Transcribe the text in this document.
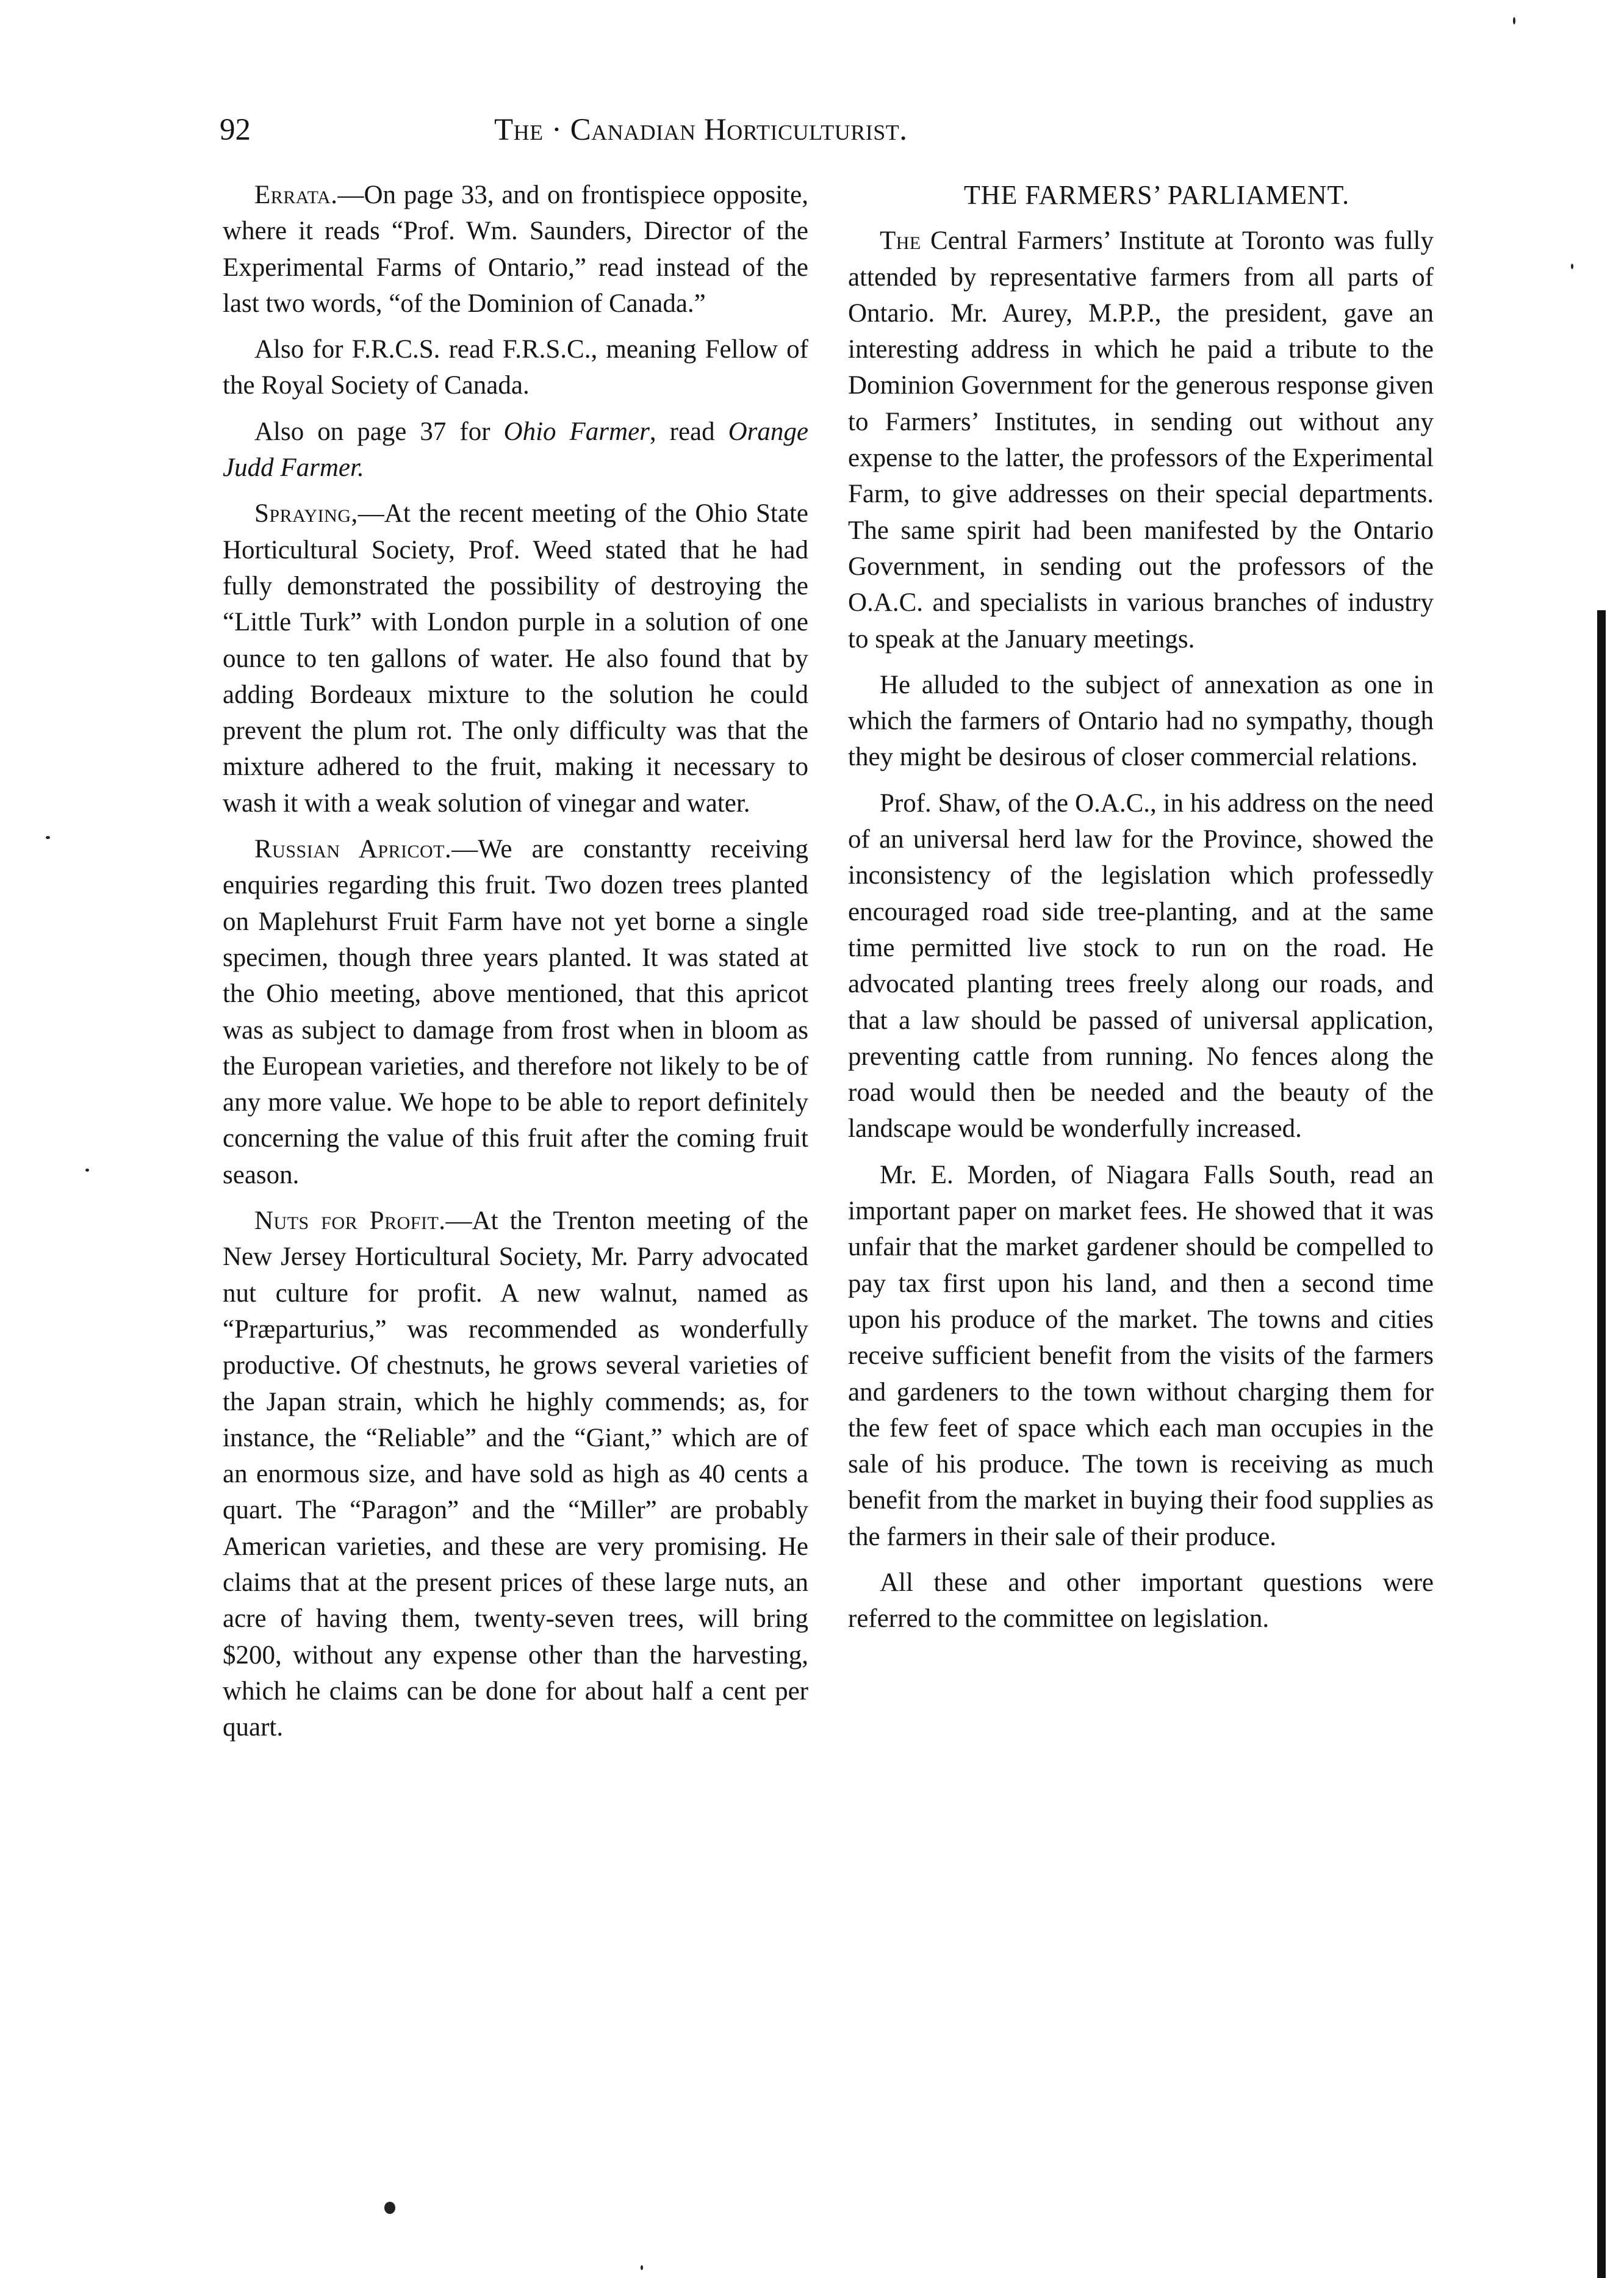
92	The · Canadian Horticulturist.

Errata.—On page 33, and on frontispiece opposite, where it reads “Prof. Wm. Saunders, Director of the Experimental Farms of Ontario,” read instead of the last two words, “of the Dominion of Canada.”

Also for F.R.C.S. read F.R.S.C., meaning Fellow of the Royal Society of Canada.

Also on page 37 for Ohio Farmer, read Orange Judd Farmer.

Spraying,—At the recent meeting of the Ohio State Horticultural Society, Prof. Weed stated that he had fully demonstrated the possibility of destroying the “Little Turk” with London purple in a solution of one ounce to ten gallons of water. He also found that by adding Bordeaux mixture to the solution he could prevent the plum rot. The only difficulty was that the mixture adhered to the fruit, making it necessary to wash it with a weak solution of vinegar and water.

Russian Apricot.—We are constantty receiving enquiries regarding this fruit. Two dozen trees planted on Maplehurst Fruit Farm have not yet borne a single specimen, though three years planted. It was stated at the Ohio meeting, above mentioned, that this apricot was as subject to damage from frost when in bloom as the European varieties, and therefore not likely to be of any more value. We hope to be able to report definitely concerning the value of this fruit after the coming fruit season.

Nuts for Profit.—At the Trenton meeting of the New Jersey Horticultural Society, Mr. Parry advocated nut culture for profit. A new walnut, named as “Præparturius,” was recommended as wonderfully productive. Of chestnuts, he grows several varieties of the Japan strain, which he highly commends; as, for instance, the “Reliable” and the “Giant,” which are of an enormous size, and have sold as high as 40 cents a quart. The “Paragon” and the “Miller” are probably American varieties, and these are very promising. He claims that at the present prices of these large nuts, an acre of having them, twenty-seven trees, will bring $200, without any expense other than the harvesting, which he claims can be done for about half a cent per quart.

THE FARMERS’ PARLIAMENT.

The Central Farmers’ Institute at Toronto was fully attended by representative farmers from all parts of Ontario. Mr. Aurey, M.P.P., the president, gave an interesting address in which he paid a tribute to the Dominion Government for the generous response given to Farmers’ Institutes, in sending out without any expense to the latter, the professors of the Experimental Farm, to give addresses on their special departments. The same spirit had been manifested by the Ontario Government, in sending out the professors of the O.A.C. and specialists in various branches of industry to speak at the January meetings.

He alluded to the subject of annexation as one in which the farmers of Ontario had no sympathy, though they might be desirous of closer commercial relations.

Prof. Shaw, of the O.A.C., in his address on the need of an universal herd law for the Province, showed the inconsistency of the legislation which professedly encouraged road side tree-planting, and at the same time permitted live stock to run on the road. He advocated planting trees freely along our roads, and that a law should be passed of universal application, preventing cattle from running. No fences along the road would then be needed and the beauty of the landscape would be wonderfully increased.

Mr. E. Morden, of Niagara Falls South, read an important paper on market fees. He showed that it was unfair that the market gardener should be compelled to pay tax first upon his land, and then a second time upon his produce of the market. The towns and cities receive sufficient benefit from the visits of the farmers and gardeners to the town without charging them for the few feet of space which each man occupies in the sale of his produce. The town is receiving as much benefit from the market in buying their food supplies as the farmers in their sale of their produce.

All these and other important questions were referred to the committee on legislation.
